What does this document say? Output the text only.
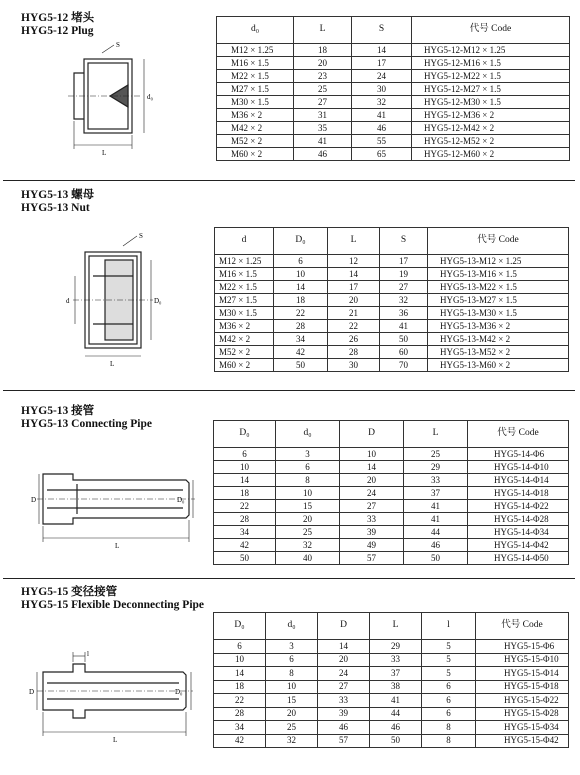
HYG5-12 堵头
HYG5-12 Plug
S
d₀
L
d₀	L	S	代号 Code
M12 × 1.25	18	14	HYG5-12-M12 × 1.25
M16 × 1.5	20	17	HYG5-12-M16 × 1.5
M22 × 1.5	23	24	HYG5-12-M22 × 1.5
M27 × 1.5	25	30	HYG5-12-M27 × 1.5
M30 × 1.5	27	32	HYG5-12-M30 × 1.5
M36 × 2	31	41	HYG5-12-M36 × 2
M42 × 2	35	46	HYG5-12-M42 × 2
M52 × 2	41	55	HYG5-12-M52 × 2
M60 × 2	46	65	HYG5-12-M60 × 2
HYG5-13 螺母
HYG5-13 Nut
S
d	D₀
L
d	D₀	L	S	代号 Code
M12 × 1.25	6	12	17	HYG5-13-M12 × 1.25
M16 × 1.5	10	14	19	HYG5-13-M16 × 1.5
M22 × 1.5	14	17	27	HYG5-13-M22 × 1.5
M27 × 1.5	18	20	32	HYG5-13-M27 × 1.5
M30 × 1.5	22	21	36	HYG5-13-M30 × 1.5
M36 × 2	28	22	41	HYG5-13-M36 × 2
M42 × 2	34	26	50	HYG5-13-M42 × 2
M52 × 2	42	28	60	HYG5-13-M52 × 2
M60 × 2	50	30	70	HYG5-13-M60 × 2
HYG5-13 接管
HYG5-13 Connecting Pipe
D	D₀
L
D₀	d₀	D	L	代号 Code
6	3	10	25	HYG5-14-Φ6
10	6	14	29	HYG5-14-Φ10
14	8	20	33	HYG5-14-Φ14
18	10	24	37	HYG5-14-Φ18
22	15	27	41	HYG5-14-Φ22
28	20	33	41	HYG5-14-Φ28
34	25	39	44	HYG5-14-Φ34
42	32	49	46	HYG5-14-Φ42
50	40	57	50	HYG5-14-Φ50
HYG5-15 变径接管
HYG5-15 Flexible Deconnecting Pipe
D	D₀
l
L
D₀	d₀	D	L	l	代号 Code
6	3	14	29	5	HYG5-15-Φ6
10	6	20	33	5	HYG5-15-Φ10
14	8	24	37	5	HYG5-15-Φ14
18	10	27	38	6	HYG5-15-Φ18
22	15	33	41	6	HYG5-15-Φ22
28	20	39	44	6	HYG5-15-Φ28
34	25	46	46	8	HYG5-15-Φ34
42	32	57	50	8	HYG5-15-Φ42
